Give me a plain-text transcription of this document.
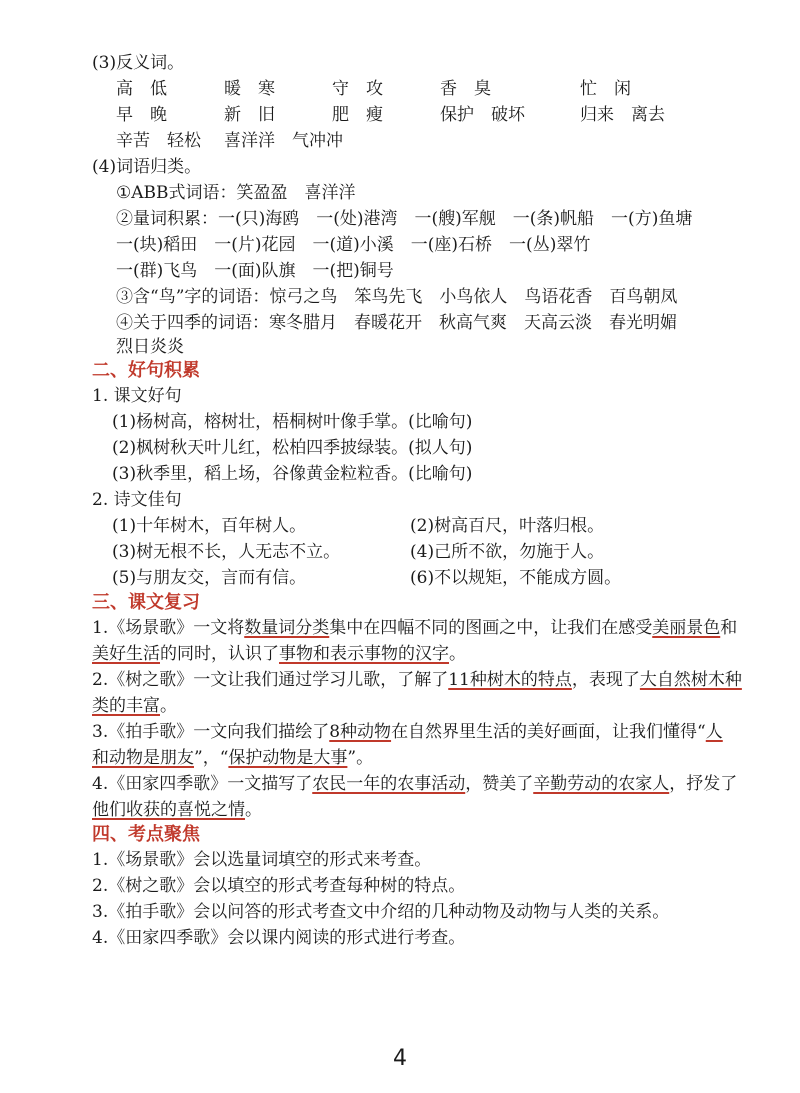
(3)反义词。
高　低	暖　寒	守　攻	香　臭	忙　闲
早　晚	新　旧	肥　瘦	保护　破坏	归来　离去
辛苦　轻松 喜洋洋　气冲冲
(4)词语归类。
①ABB式词语：笑盈盈　喜洋洋
②量词积累：一(只)海鸥　一(处)港湾　一(艘)军舰　一(条)帆船　一(方)鱼塘
一(块)稻田　一(片)花园　一(道)小溪　一(座)石桥　一(丛)翠竹
一(群)飞鸟　一(面)队旗　一(把)铜号
③含“鸟”字的词语：惊弓之鸟　笨鸟先飞　小鸟依人　鸟语花香　百鸟朝凤
④关于四季的词语：寒冬腊月　春暖花开　秋高气爽　天高云淡　春光明媚
烈日炎炎
二、好句积累
1. 课文好句
(1)杨树高，榕树壮，梧桐树叶像手掌。(比喻句)
(2)枫树秋天叶儿红，松柏四季披绿装。(拟人句)
(3)秋季里，稻上场，谷像黄金粒粒香。(比喻句)
2. 诗文佳句
(1)十年树木，百年树人。	(2)树高百尺，叶落归根。
(3)树无根不长，人无志不立。	(4)己所不欲，勿施于人。
(5)与朋友交，言而有信。	(6)不以规矩，不能成方圆。
三、课文复习
1.《场景歌》一文将数量词分类集中在四幅不同的图画之中，让我们在感受美丽景色和
美好生活的同时，认识了事物和表示事物的汉字。
2.《树之歌》一文让我们通过学习儿歌，了解了11种树木的特点，表现了大自然树木种
类的丰富。
3.《拍手歌》一文向我们描绘了8种动物在自然界里生活的美好画面，让我们懂得“人
和动物是朋友”，“保护动物是大事”。
4.《田家四季歌》一文描写了农民一年的农事活动，赞美了辛勤劳动的农家人，抒发了
他们收获的喜悦之情。
四、考点聚焦
1.《场景歌》会以选量词填空的形式来考查。
2.《树之歌》会以填空的形式考查每种树的特点。
3.《拍手歌》会以问答的形式考查文中介绍的几种动物及动物与人类的关系。
4.《田家四季歌》会以课内阅读的形式进行考查。
4
